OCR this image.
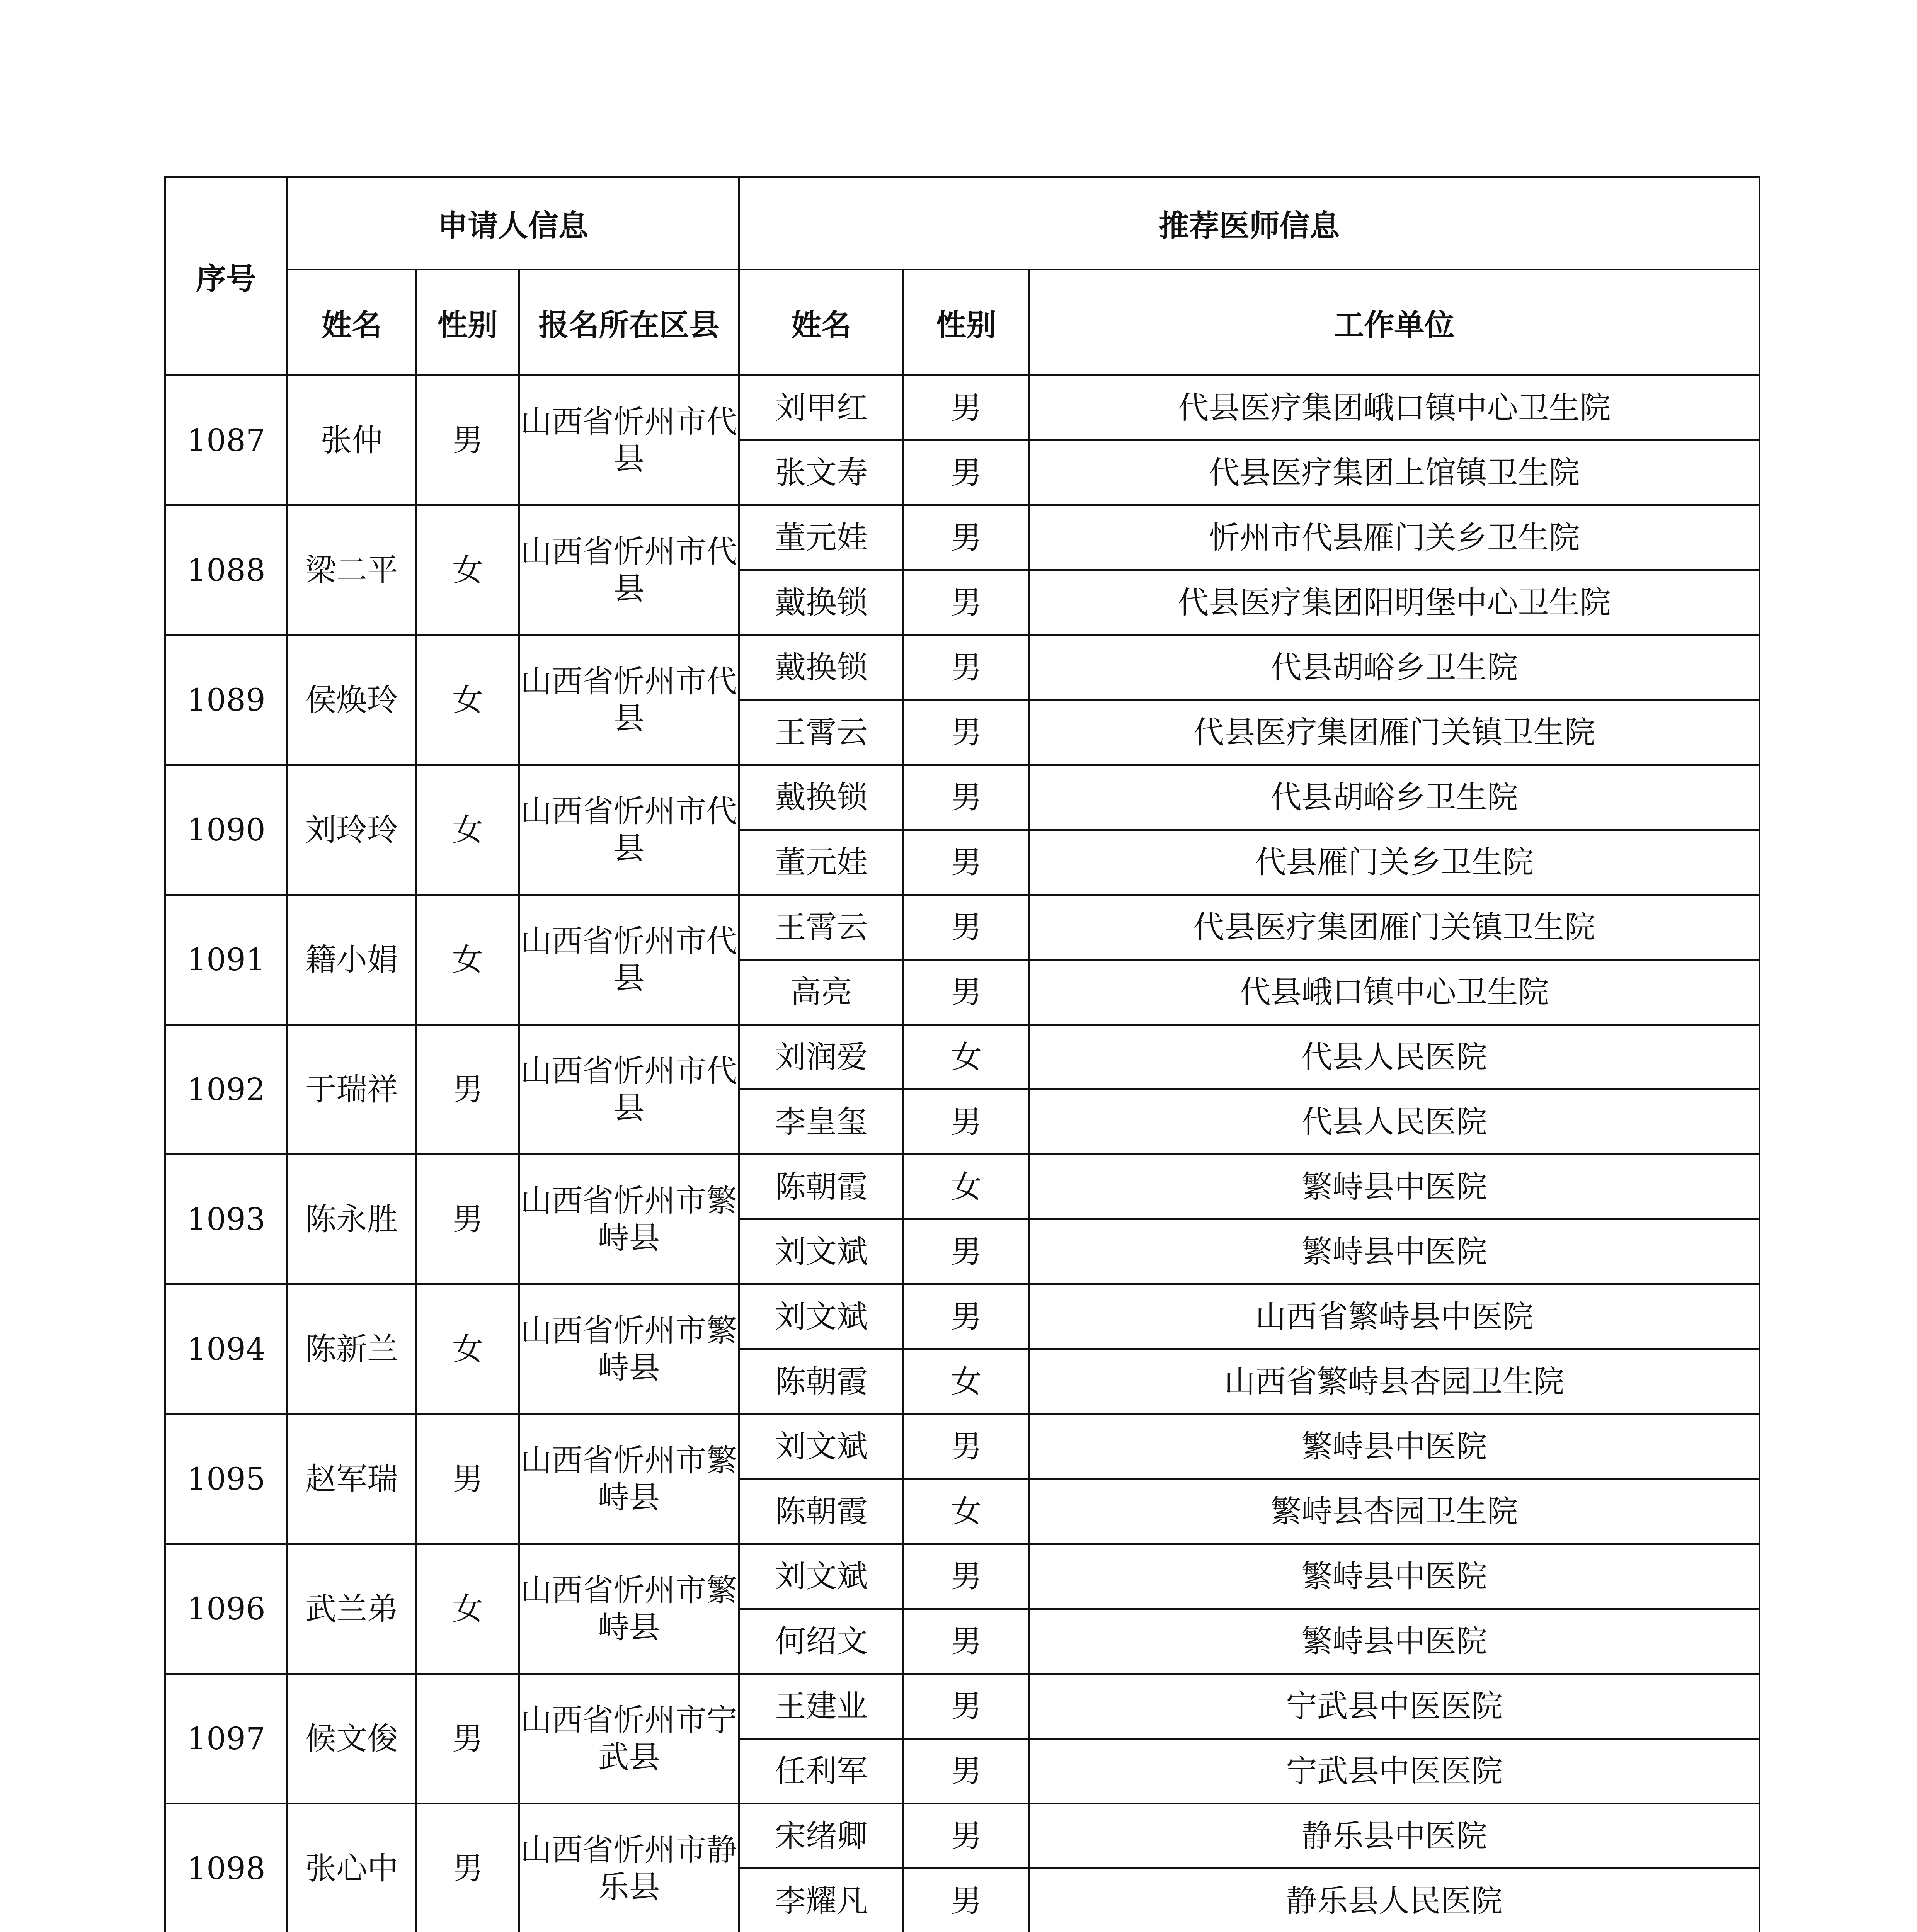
序号	申请人信息			推荐医师信息		
	姓名	性别	报名所在区县	姓名	性别	工作单位
1087	张仲	男	山西省忻州市代县	刘甲红	男	代县医疗集团峨口镇中心卫生院
				张文寿	男	代县医疗集团上馆镇卫生院
1088	梁二平	女	山西省忻州市代县	董元娃	男	忻州市代县雁门关乡卫生院
				戴换锁	男	代县医疗集团阳明堡中心卫生院
1089	侯焕玲	女	山西省忻州市代县	戴换锁	男	代县胡峪乡卫生院
				王霄云	男	代县医疗集团雁门关镇卫生院
1090	刘玲玲	女	山西省忻州市代县	戴换锁	男	代县胡峪乡卫生院
				董元娃	男	代县雁门关乡卫生院
1091	籍小娟	女	山西省忻州市代县	王霄云	男	代县医疗集团雁门关镇卫生院
				高亮	男	代县峨口镇中心卫生院
1092	于瑞祥	男	山西省忻州市代县	刘润爱	女	代县人民医院
				李皇玺	男	代县人民医院
1093	陈永胜	男	山西省忻州市繁峙县	陈朝霞	女	繁峙县中医院
				刘文斌	男	繁峙县中医院
1094	陈新兰	女	山西省忻州市繁峙县	刘文斌	男	山西省繁峙县中医院
				陈朝霞	女	山西省繁峙县杏园卫生院
1095	赵军瑞	男	山西省忻州市繁峙县	刘文斌	男	繁峙县中医院
				陈朝霞	女	繁峙县杏园卫生院
1096	武兰弟	女	山西省忻州市繁峙县	刘文斌	男	繁峙县中医院
				何绍文	男	繁峙县中医院
1097	候文俊	男	山西省忻州市宁武县	王建业	男	宁武县中医医院
				任利军	男	宁武县中医医院
1098	张心中	男	山西省忻州市静乐县	宋绪卿	男	静乐县中医院
				李耀凡	男	静乐县人民医院
